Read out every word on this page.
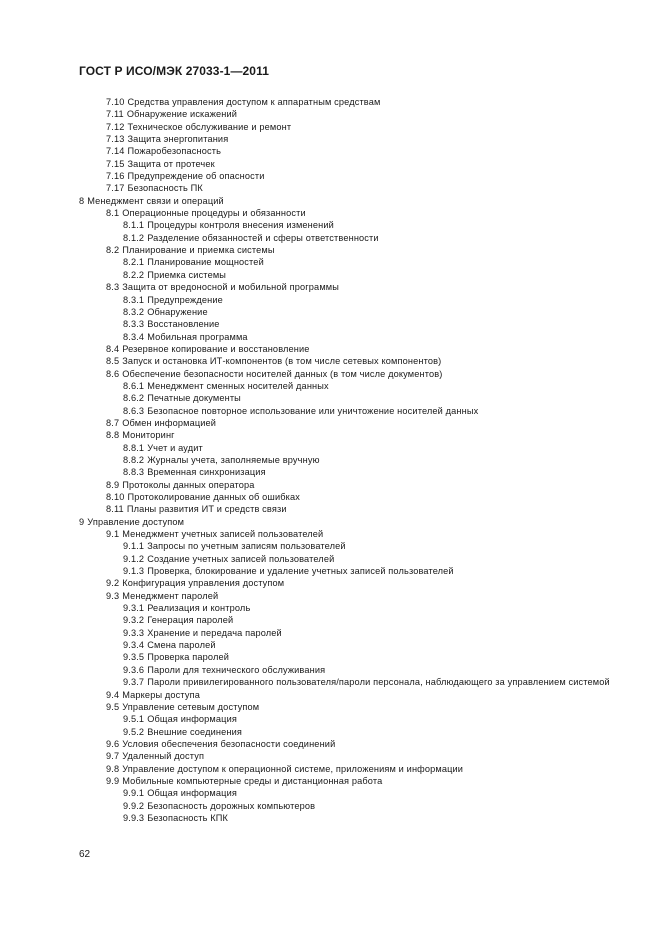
ГОСТ Р ИСО/МЭК 27033-1—2011
7.10 Средства управления доступом к аппаратным средствам
7.11 Обнаружение искажений
7.12 Техническое обслуживание и ремонт
7.13 Защита энергопитания
7.14 Пожаробезопасность
7.15 Защита от протечек
7.16 Предупреждение об опасности
7.17 Безопасность ПК
8 Менеджмент связи и операций
8.1 Операционные процедуры и обязанности
8.1.1 Процедуры контроля внесения изменений
8.1.2 Разделение обязанностей и сферы ответственности
8.2 Планирование и приемка системы
8.2.1 Планирование мощностей
8.2.2 Приемка системы
8.3 Защита от вредоносной и мобильной программы
8.3.1 Предупреждение
8.3.2 Обнаружение
8.3.3 Восстановление
8.3.4 Мобильная программа
8.4 Резервное копирование и восстановление
8.5 Запуск и остановка ИТ-компонентов (в том числе сетевых компонентов)
8.6 Обеспечение безопасности носителей данных (в том числе документов)
8.6.1 Менеджмент сменных носителей данных
8.6.2 Печатные документы
8.6.3 Безопасное повторное использование или уничтожение носителей данных
8.7 Обмен информацией
8.8 Мониторинг
8.8.1 Учет и аудит
8.8.2 Журналы учета, заполняемые вручную
8.8.3 Временная синхронизация
8.9 Протоколы данных оператора
8.10 Протоколирование данных об ошибках
8.11 Планы развития ИТ и средств связи
9 Управление доступом
9.1 Менеджмент учетных записей пользователей
9.1.1 Запросы по учетным записям пользователей
9.1.2 Создание учетных записей пользователей
9.1.3 Проверка, блокирование и удаление учетных записей пользователей
9.2 Конфигурация управления доступом
9.3 Менеджмент паролей
9.3.1 Реализация и контроль
9.3.2 Генерация паролей
9.3.3 Хранение и передача паролей
9.3.4 Смена паролей
9.3.5 Проверка паролей
9.3.6 Пароли для технического обслуживания
9.3.7 Пароли привилегированного пользователя/пароли персонала, наблюдающего за управлением системой
9.4 Маркеры доступа
9.5 Управление сетевым доступом
9.5.1 Общая информация
9.5.2 Внешние соединения
9.6 Условия обеспечения безопасности соединений
9.7 Удаленный доступ
9.8 Управление доступом к операционной системе, приложениям и информации
9.9 Мобильные компьютерные среды и дистанционная работа
9.9.1 Общая информация
9.9.2 Безопасность дорожных компьютеров
9.9.3 Безопасность КПК
62
